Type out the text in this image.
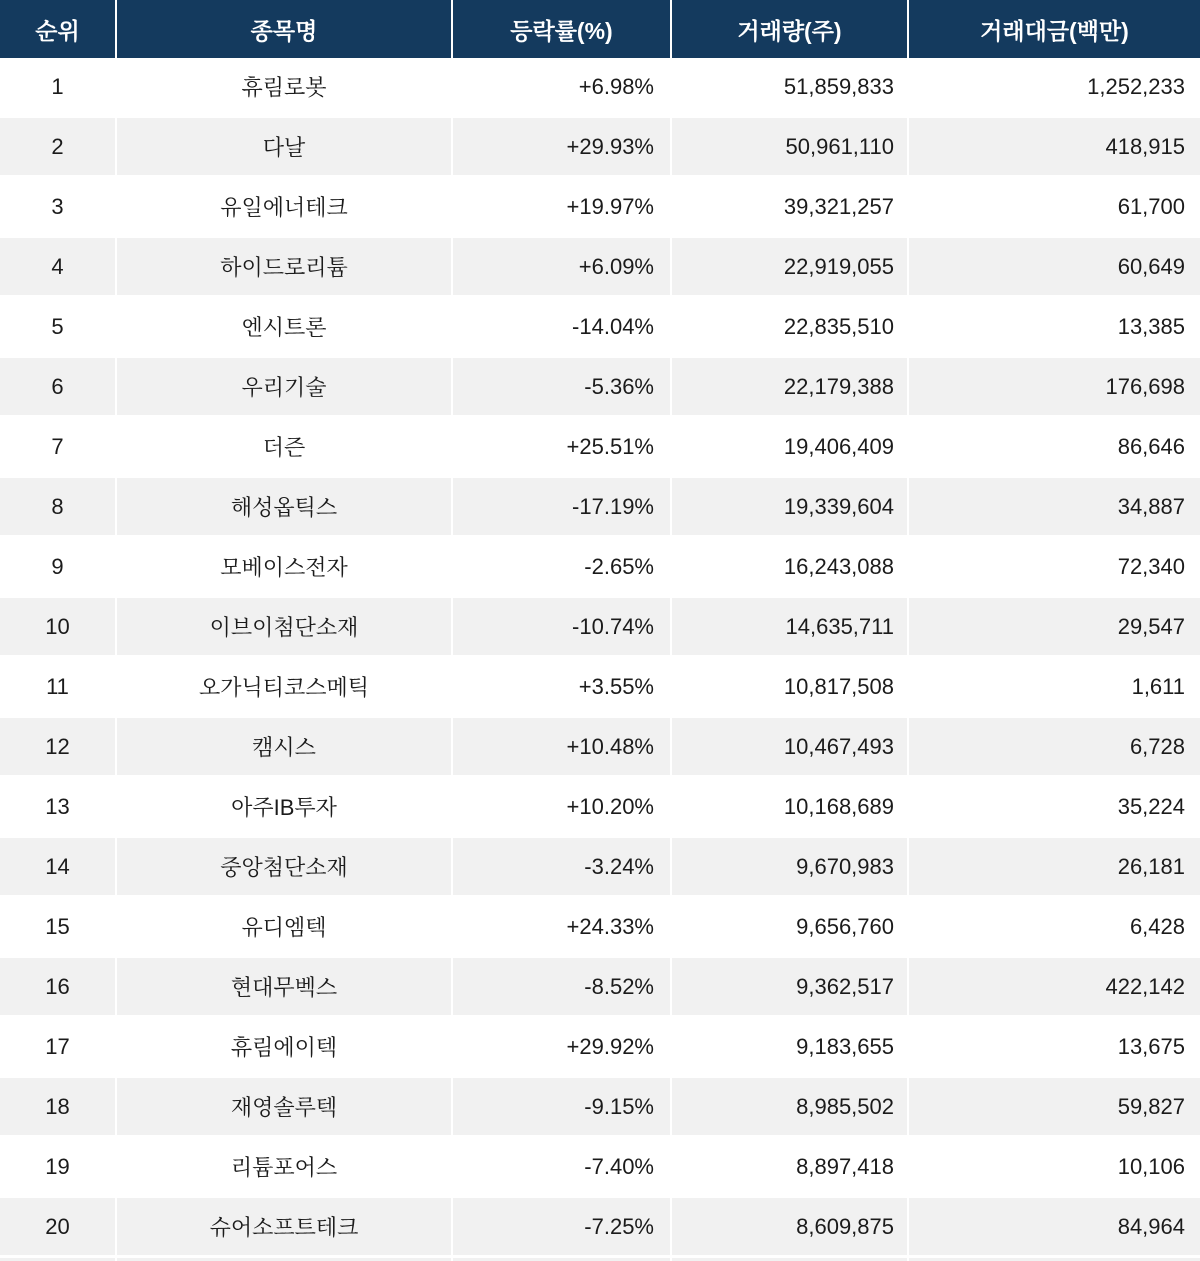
순위	종목명	등락률(%)	거래량(주)	거래대금(백만)
1	휴림로봇	+6.98%	51,859,833	1,252,233
2	다날	+29.93%	50,961,110	418,915
3	유일에너테크	+19.97%	39,321,257	61,700
4	하이드로리튬	+6.09%	22,919,055	60,649
5	엔시트론	-14.04%	22,835,510	13,385
6	우리기술	-5.36%	22,179,388	176,698
7	더즌	+25.51%	19,406,409	86,646
8	해성옵틱스	-17.19%	19,339,604	34,887
9	모베이스전자	-2.65%	16,243,088	72,340
10	이브이첨단소재	-10.74%	14,635,711	29,547
11	오가닉티코스메틱	+3.55%	10,817,508	1,611
12	캠시스	+10.48%	10,467,493	6,728
13	아주IB투자	+10.20%	10,168,689	35,224
14	중앙첨단소재	-3.24%	9,670,983	26,181
15	유디엠텍	+24.33%	9,656,760	6,428
16	현대무벡스	-8.52%	9,362,517	422,142
17	휴림에이텍	+29.92%	9,183,655	13,675
18	재영솔루텍	-9.15%	8,985,502	59,827
19	리튬포어스	-7.40%	8,897,418	10,106
20	슈어소프트테크	-7.25%	8,609,875	84,964
